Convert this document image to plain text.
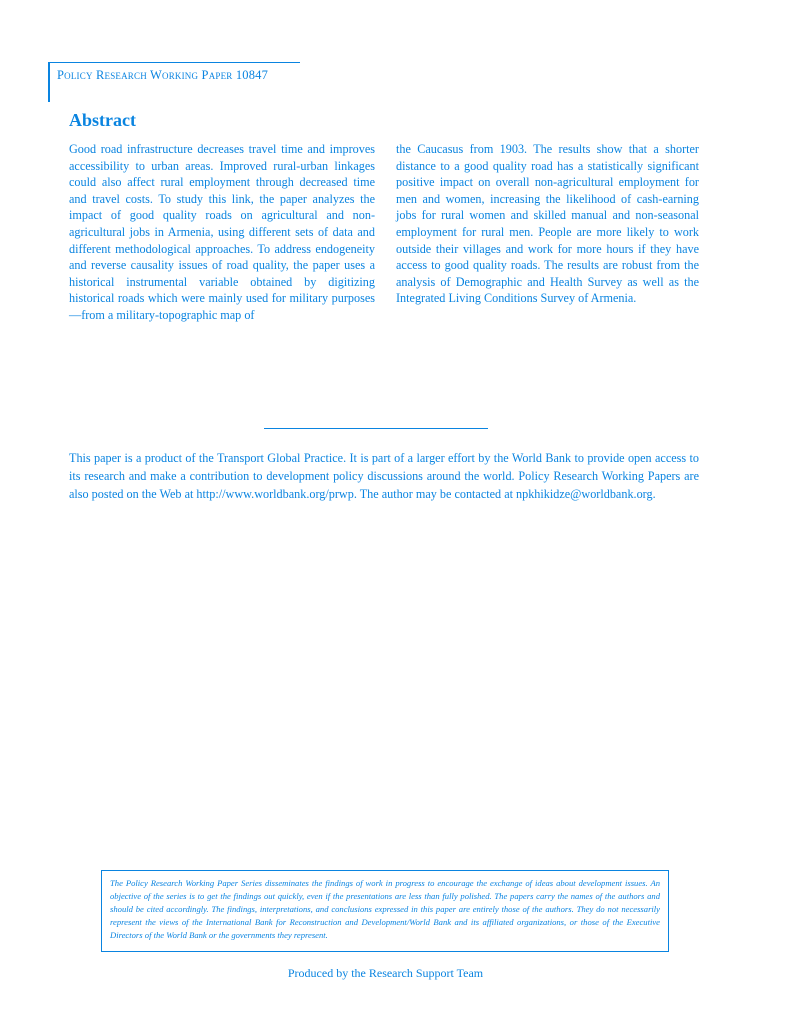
Policy Research Working Paper 10847
Abstract
Good road infrastructure decreases travel time and improves accessibility to urban areas. Improved rural-urban linkages could also affect rural employment through decreased time and travel costs. To study this link, the paper analyzes the impact of good quality roads on agricultural and non-agricultural jobs in Armenia, using different sets of data and different methodological approaches. To address endogeneity and reverse causality issues of road quality, the paper uses a historical instrumental variable obtained by digitizing historical roads which were mainly used for military purposes—from a military-topographic map of
the Caucasus from 1903. The results show that a shorter distance to a good quality road has a statistically significant positive impact on overall non-agricultural employment for men and women, increasing the likelihood of cash-earning jobs for rural women and skilled manual and non-seasonal employment for rural men. People are more likely to work outside their villages and work for more hours if they have access to good quality roads. The results are robust from the analysis of Demographic and Health Survey as well as the Integrated Living Conditions Survey of Armenia.
This paper is a product of the Transport Global Practice. It is part of a larger effort by the World Bank to provide open access to its research and make a contribution to development policy discussions around the world. Policy Research Working Papers are also posted on the Web at http://www.worldbank.org/prwp. The author may be contacted at npkhikidze@worldbank.org.
The Policy Research Working Paper Series disseminates the findings of work in progress to encourage the exchange of ideas about development issues. An objective of the series is to get the findings out quickly, even if the presentations are less than fully polished. The papers carry the names of the authors and should be cited accordingly. The findings, interpretations, and conclusions expressed in this paper are entirely those of the authors. They do not necessarily represent the views of the International Bank for Reconstruction and Development/World Bank and its affiliated organizations, or those of the Executive Directors of the World Bank or the governments they represent.
Produced by the Research Support Team
